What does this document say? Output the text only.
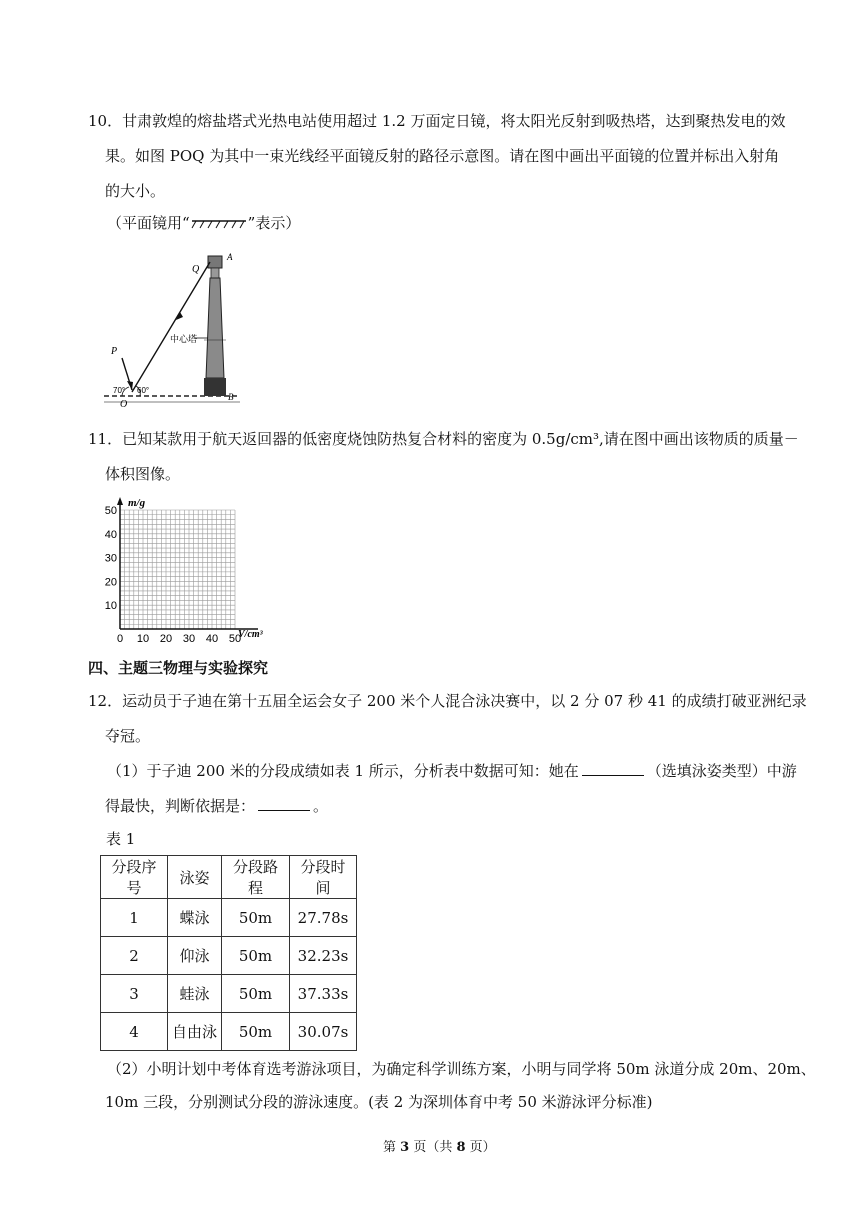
10．甘肃敦煌的熔盐塔式光热电站使用超过 1.2 万面定日镜，将太阳光反射到吸热塔，达到聚热发电的效
果。如图 POQ 为其中一束光线经平面镜反射的路径示意图。请在图中画出平面镜的位置并标出入射角
的大小。
（平面镜用“	”表示）
A
Q
P
O
B
中心塔
70° 60°
11．已知某款用于航天返回器的低密度烧蚀防热复合材料的密度为 0.5g/cm³,请在图中画出该物质的质量－
体积图像。
m/g
V/cm³
0 10 20 30 40 50
10
20
30
40
50
四、主题三物理与实验探究
12．运动员于子迪在第十五届全运会女子 200 米个人混合泳决赛中，以 2 分 07 秒 41 的成绩打破亚洲纪录
夺冠。
（1）于子迪 200 米的分段成绩如表 1 所示，分析表中数据可知：她在	（选填泳姿类型）中游
得最快，判断依据是：	。
表 1
分段序号	泳姿	分段路程	分段时间
1	蝶泳	50m	27.78s
2	仰泳	50m	32.23s
3	蛙泳	50m	37.33s
4	自由泳	50m	30.07s
（2）小明计划中考体育选考游泳项目，为确定科学训练方案，小明与同学将 50m 泳道分成 20m、20m、
10m 三段，分别测试分段的游泳速度。(表 2 为深圳体育中考 50 米游泳评分标准)
第 3 页（共 8 页）
